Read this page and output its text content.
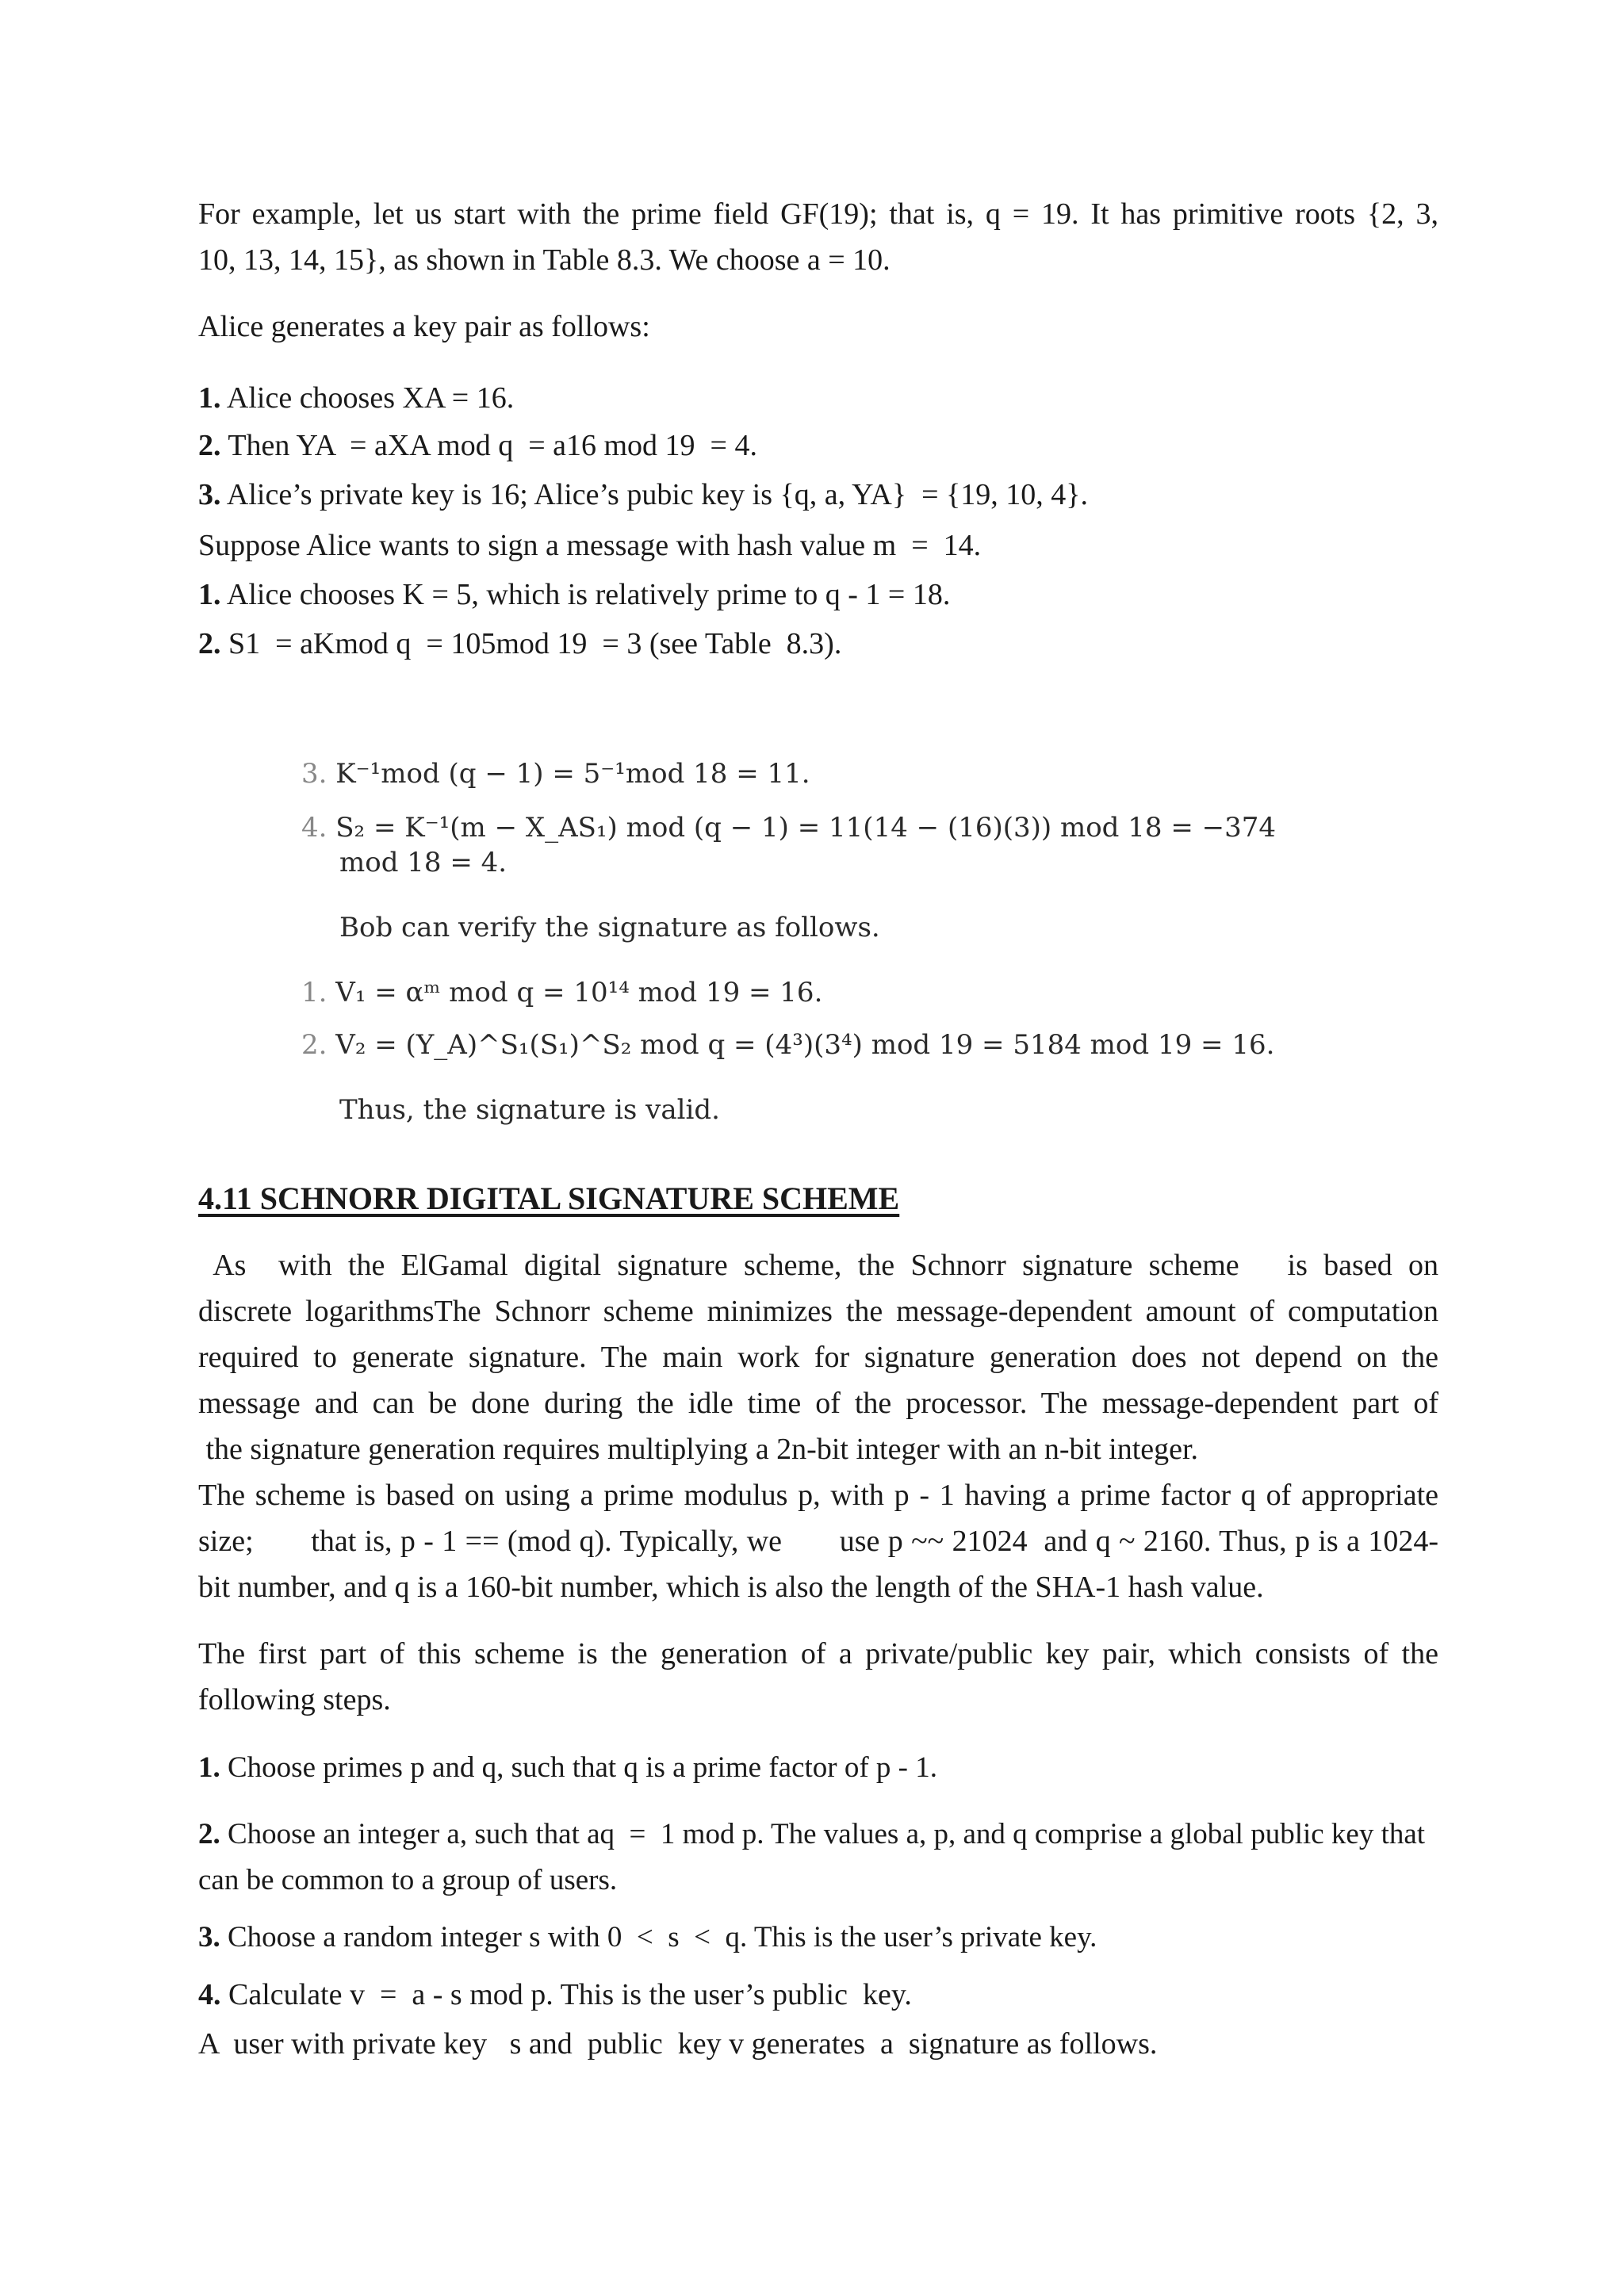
For example, let us start with the prime field GF(19); that is, q = 19. It has primitive roots {2, 3,
10, 13, 14, 15}, as shown in Table 8.3. We choose a = 10.
Alice generates a key pair as follows:
1. Alice chooses XA = 16.
2. Then YA  = aXA mod q  = a16 mod 19  = 4.
3. Alice’s private key is 16; Alice’s pubic key is {q, a, YA}  = {19, 10, 4}.
Suppose Alice wants to sign a message with hash value m  =  14.
1. Alice chooses K = 5, which is relatively prime to q - 1 = 18.
2. S1  = aKmod q  = 105mod 19  = 3 (see Table  8.3).
3. K⁻¹mod (q − 1) = 5⁻¹mod 18 = 11.
4. S₂ = K⁻¹(m − X_AS₁) mod (q − 1) = 11(14 − (16)(3)) mod 18 = −374
mod 18 = 4.
Bob can verify the signature as follows.
1. V₁ = αᵐ mod q = 10¹⁴ mod 19 = 16.
2. V₂ = (Y_A)^S₁(S₁)^S₂ mod q = (4³)(3⁴) mod 19 = 5184 mod 19 = 16.
Thus, the signature is valid.
4.11 SCHNORR DIGITAL SIGNATURE SCHEME
As  with the ElGamal digital signature scheme, the Schnorr signature scheme   is based on
discrete logarithmsThe Schnorr scheme minimizes the message-dependent amount of computation
required to generate signature. The main work for signature generation does not depend on the
message and can be done during the idle time of the processor. The message-dependent part of
the signature generation requires multiplying a 2n-bit integer with an n-bit integer.
The scheme is based on using a prime modulus p, with p - 1 having a prime factor q of appropriate
size;       that is, p - 1 == (mod q). Typically, we       use p ~~ 21024  and q ~ 2160. Thus, p is a 1024-
bit number, and q is a 160-bit number, which is also the length of the SHA-1 hash value.
The first part of this scheme is the generation of a private/public key pair, which consists of the
following steps.
1. Choose primes p and q, such that q is a prime factor of p - 1.
2. Choose an integer a, such that aq  =  1 mod p. The values a, p, and q comprise a global public key that
can be common to a group of users.
3. Choose a random integer s with 0  <  s  <  q. This is the user’s private key.
4. Calculate v  =  a - s mod p. This is the user’s public  key.
A  user with private key   s and  public  key v generates  a  signature as follows.
